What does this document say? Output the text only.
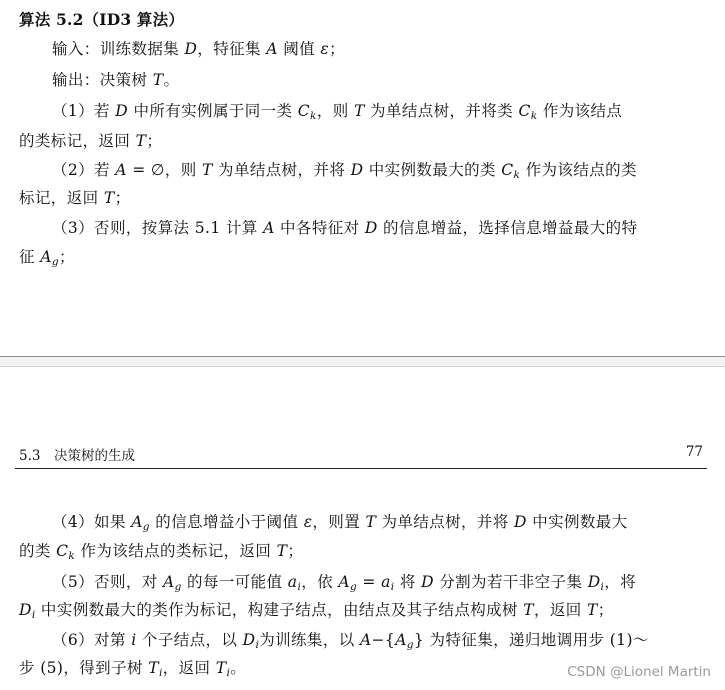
算法 5.2（ID3 算法）
输入：训练数据集 D，特征集 A 阈值 ε；
输出：决策树 T。
（1）若 D 中所有实例属于同一类 $C_k$，则 T 为单结点树，并将类 $C_k$ 作为该结点
的类标记，返回 T；
（2）若 A = ∅，则 T 为单结点树，并将 D 中实例数最大的类 $C_k$ 作为该结点的类
标记，返回 T；
（3）否则，按算法 5.1 计算 A 中各特征对 D 的信息增益，选择信息增益最大的特
征 $A_g$；
5.3　决策树的生成	77
（4）如果 $A_g$ 的信息增益小于阈值 ε，则置 T 为单结点树，并将 D 中实例数最大
的类 $C_k$ 作为该结点的类标记，返回 T；
（5）否则，对 $A_g$ 的每一可能值 $a_i$，依 $A_g = a_i$ 将 D 分割为若干非空子集 $D_i$，将
$D_i$ 中实例数最大的类作为标记，构建子结点，由结点及其子结点构成树 T，返回 T；
（6）对第 i 个子结点，以 $D_i$为训练集，以 $A-\{A_g\}$ 为特征集，递归地调用步 (1)～
步 (5)，得到子树 $T_i$，返回 $T_i$。	CSDN @Lionel Martin
